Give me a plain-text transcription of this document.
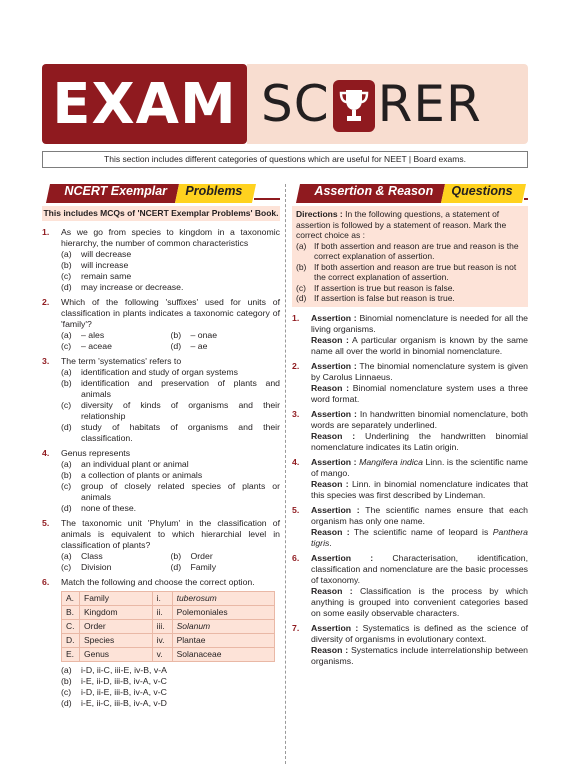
EXAM SC RER
This section includes different categories of questions which are useful for NEET | Board exams.
NCERT Exemplar	Problems
This includes MCQs of 'NCERT Exemplar Problems' Book.
1.	As we go from species to kingdom in a taxonomic hierarchy, the number of common characteristics
(a)	will decrease
(b)	will increase
(c)	remain same
(d)	may increase or decrease.
2.	Which of the following 'suffixes' used for units of classification in plants indicates a taxonomic category of 'family'?
(a)	– ales	(b)	– onae
(c)	– aceae	(d)	– ae
3.	The term 'systematics' refers to
(a)	identification and study of organ systems
(b)	identification and preservation of plants and animals
(c)	diversity of kinds of organisms and their relationship
(d)	study of habitats of organisms and their classification.
4.	Genus represents
(a)	an individual plant or animal
(b)	a collection of plants or animals
(c)	group of closely related species of plants or animals
(d)	none of these.
5.	The taxonomic unit 'Phylum' in the classification of animals is equivalent to which hierarchial level in classification of plants?
(a)	Class	(b)	Order
(c)	Division	(d)	Family
6.	Match the following and choose the correct option.
A.	Family	i.	tuberosum
B.	Kingdom	ii.	Polemoniales
C.	Order	iii.	Solanum
D.	Species	iv.	Plantae
E.	Genus	v.	Solanaceae
(a)	i-D, ii-C, iii-E, iv-B, v-A
(b)	i-E, ii-D, iii-B, iv-A, v-C
(c)	i-D, ii-E, iii-B, iv-A, v-C
(d)	i-E, ii-C, iii-B, iv-A, v-D
Assertion & Reason	Questions
Directions : In the following questions, a statement of assertion is followed by a statement of reason. Mark the correct choice as :
(a) If both assertion and reason are true and reason is the correct explanation of assertion.
(b) If both assertion and reason are true but reason is not the correct explanation of assertion.
(c) If assertion is true but reason is false.
(d) If assertion is false but reason is true.
1.	Assertion : Binomial nomenclature is needed for all the living organisms.

Reason : A particular organism is known by the same name all over the world in binomial nomenclature.

2.	Assertion : The binomial nomenclature system is given by Carolus Linnaeus.

Reason : Binomial nomenclature system uses a three word format.

3.	Assertion : In handwritten binomial nomenclature, both words are separately underlined.

Reason : Underlining the handwritten binomial nomenclature indicates its Latin origin.

4.	Assertion : Mangifera indica Linn. is the scientific name of mango.

Reason : Linn. in binomial nomenclature indicates that this species was first described by Lindeman.

5.	Assertion : The scientific names ensure that each organism has only one name.

Reason : The scientific name of leopard is Panthera tigris.

6.	Assertion : Characterisation, identification, classification and nomenclature are the basic processes of taxonomy.

Reason : Classification is the process by which anything is grouped into convenient categories based on some easily observable characters.

7.	Assertion : Systematics is defined as the science of diversity of organisms in evolutionary context.

Reason : Systematics include interrelationship between organisms.
